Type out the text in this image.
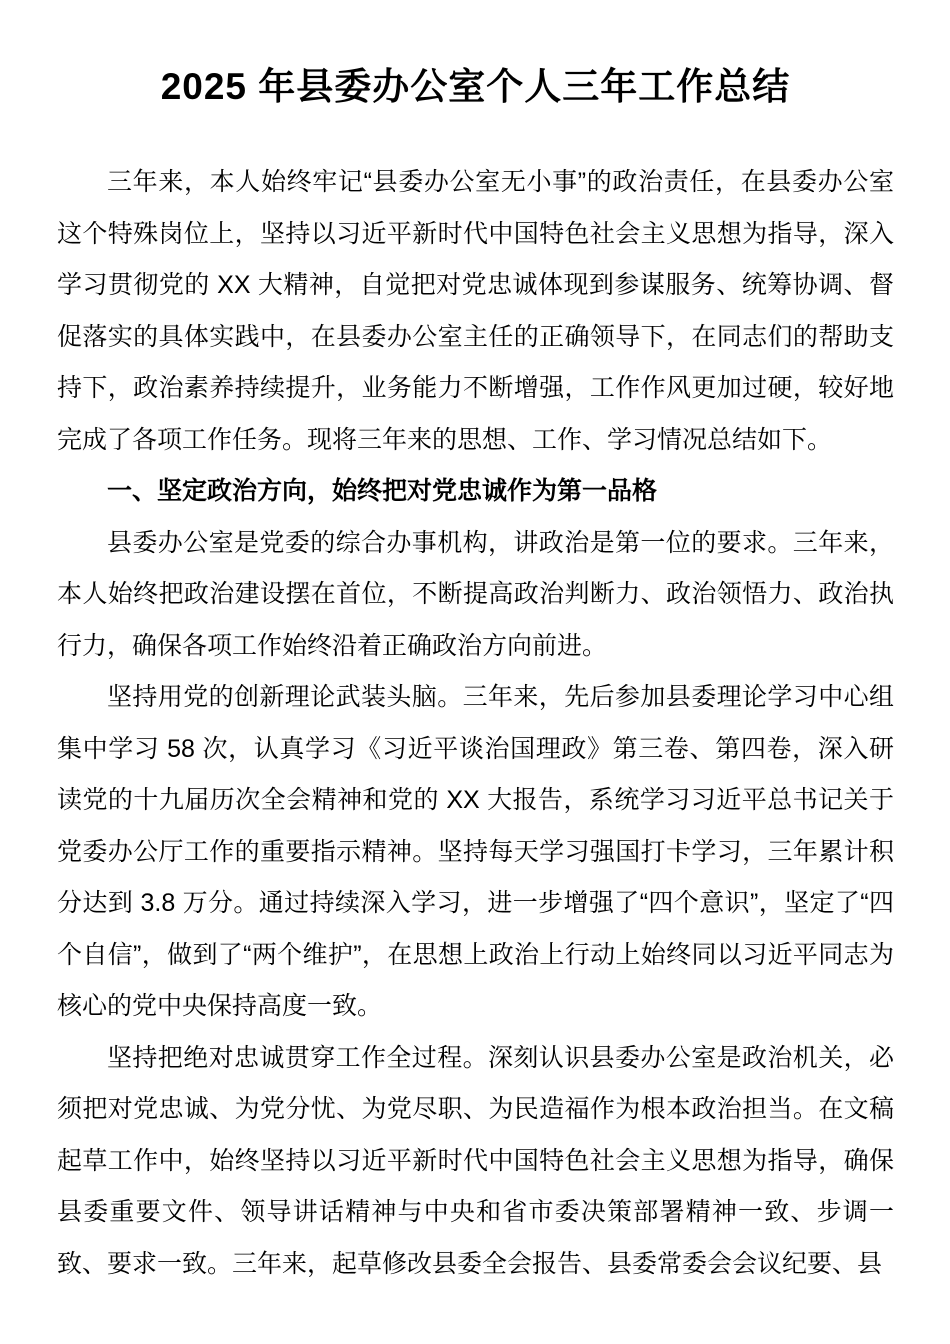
2025 年县委办公室个人三年工作总结

三年来，本人始终牢记“县委办公室无小事”的政治责任，在县委办公室这个特殊岗位上，坚持以习近平新时代中国特色社会主义思想为指导，深入学习贯彻党的 XX 大精神，自觉把对党忠诚体现到参谋服务、统筹协调、督促落实的具体实践中，在县委办公室主任的正确领导下，在同志们的帮助支持下，政治素养持续提升，业务能力不断增强，工作作风更加过硬，较好地完成了各项工作任务。现将三年来的思想、工作、学习情况总结如下。

一、坚定政治方向，始终把对党忠诚作为第一品格

县委办公室是党委的综合办事机构，讲政治是第一位的要求。三年来，本人始终把政治建设摆在首位，不断提高政治判断力、政治领悟力、政治执行力，确保各项工作始终沿着正确政治方向前进。

坚持用党的创新理论武装头脑。三年来，先后参加县委理论学习中心组集中学习 58 次，认真学习《习近平谈治国理政》第三卷、第四卷，深入研读党的十九届历次全会精神和党的 XX 大报告，系统学习习近平总书记关于党委办公厅工作的重要指示精神。坚持每天学习强国打卡学习，三年累计积分达到 3.8 万分。通过持续深入学习，进一步增强了“四个意识”，坚定了“四个自信”，做到了“两个维护”，在思想上政治上行动上始终同以习近平同志为核心的党中央保持高度一致。

坚持把绝对忠诚贯穿工作全过程。深刻认识县委办公室是政治机关，必须把对党忠诚、为党分忧、为党尽职、为民造福作为根本政治担当。在文稿起草工作中，始终坚持以习近平新时代中国特色社会主义思想为指导，确保县委重要文件、领导讲话精神与中央和省市委决策部署精神一致、步调一致、要求一致。三年来，起草修改县委全会报告、县委常委会会议纪要、县
